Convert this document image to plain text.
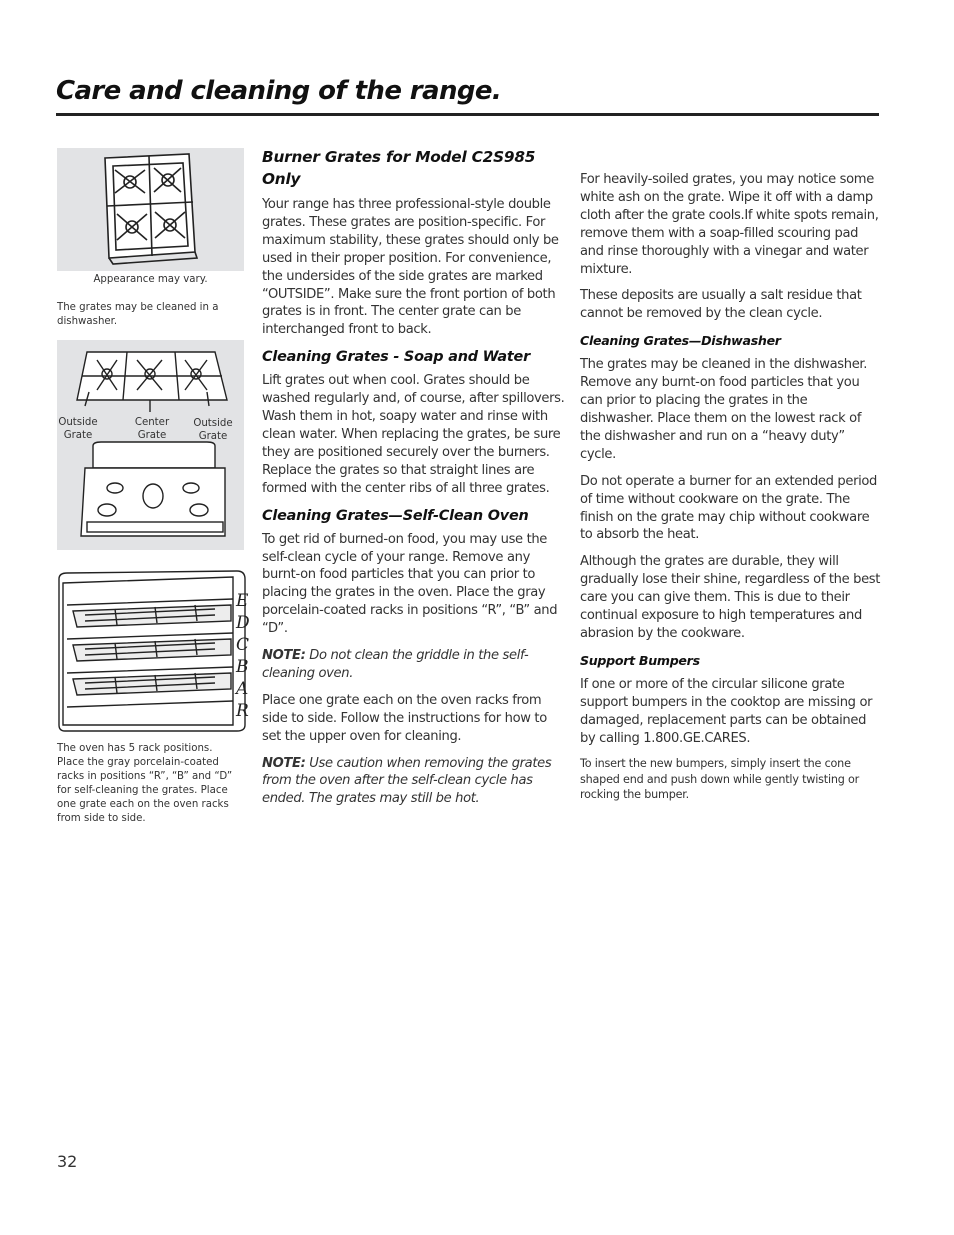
Care and cleaning of the range.

Appearance may vary.

The grates may be cleaned in a dishwasher.

Outside
Grate
Center
Grate
Outside
Grate
E
D
C
B
A
R

The oven has 5 rack positions. Place the gray porcelain-coated racks in positions “R”, “B” and “D” for self-cleaning the grates. Place one grate each on the oven racks from side to side.

Burner Grates for Model C2S985 Only

Your range has three professional-style double grates. These grates are position-specific. For maximum stability, these grates should only be used in their proper position. For convenience, the undersides of the side grates are marked “OUTSIDE”. Make sure the front portion of both grates is in front. The center grate can be interchanged front to back.

Cleaning Grates - Soap and Water

Lift grates out when cool. Grates should be washed regularly and, of course, after spillovers. Wash them in hot, soapy water and rinse with clean water. When replacing the grates, be sure they are positioned securely over the burners. Replace the grates so that straight lines are formed with the center ribs of all three grates.

Cleaning Grates—Self-Clean Oven

To get rid of burned-on food, you may use the self-clean cycle of your range. Remove any burnt-on food particles that you can prior to placing the grates in the oven. Place the gray porcelain-coated racks in positions “R”, “B” and “D”.

NOTE: Do not clean the griddle in the self-cleaning oven.

Place one grate each on the oven racks from side to side. Follow the instructions for how to set the upper oven for cleaning.

NOTE: Use caution when removing the grates from the oven after the self-clean cycle has ended. The grates may still be hot.

For heavily-soiled grates, you may notice some white ash on the grate. Wipe it off with a damp cloth after the grate cools.If white spots remain, remove them with a soap-filled scouring pad and rinse thoroughly with a vinegar and water mixture.

These deposits are usually a salt residue that cannot be removed by the clean cycle.

Cleaning Grates—Dishwasher

The grates may be cleaned in the dishwasher. Remove any burnt-on food particles that you can prior to placing the grates in the dishwasher. Place them on the lowest rack of the dishwasher and run on a “heavy duty” cycle.

Do not operate a burner for an extended period of time without cookware on the grate. The finish on the grate may chip without cookware to absorb the heat.

Although the grates are durable, they will gradually lose their shine, regardless of the best care you can give them. This is due to their continual exposure to high temperatures and abrasion by the cookware.

Support Bumpers

If one or more of the circular silicone grate support bumpers in the cooktop are missing or damaged, replacement parts can be obtained by calling 1.800.GE.CARES.

To insert the new bumpers, simply insert the cone shaped end and push down while gently twisting or rocking the bumper.

32
